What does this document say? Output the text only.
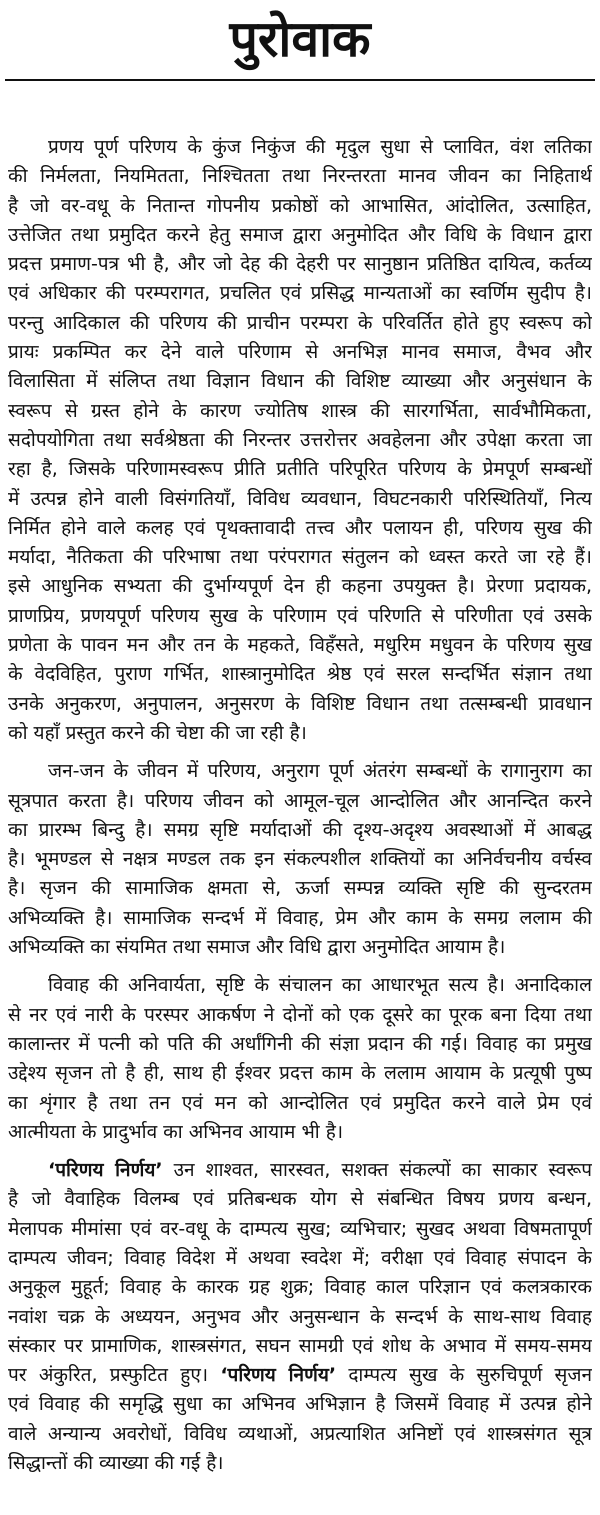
पुरोवाक
प्रणय पूर्ण परिणय के कुंज निकुंज की मृदुल सुधा से प्लावित, वंश लतिका
की निर्मलता, नियमितता, निश्चितता तथा निरन्तरता मानव जीवन का निहितार्थ
है जो वर-वधू के नितान्त गोपनीय प्रकोष्ठों को आभासित, आंदोलित, उत्साहित,
उत्तेजित तथा प्रमुदित करने हेतु समाज द्वारा अनुमोदित और विधि के विधान द्वारा
प्रदत्त प्रमाण-पत्र भी है, और जो देह की देहरी पर सानुष्ठान प्रतिष्ठित दायित्व, कर्तव्य
एवं अधिकार की परम्परागत, प्रचलित एवं प्रसिद्ध मान्यताओं का स्वर्णिम सुदीप है।
परन्तु आदिकाल की परिणय की प्राचीन परम्परा के परिवर्तित होते हुए स्वरूप को
प्रायः प्रकम्पित कर देने वाले परिणाम से अनभिज्ञ मानव समाज, वैभव और
विलासिता में संलिप्त तथा विज्ञान विधान की विशिष्ट व्याख्या और अनुसंधान के
स्वरूप से ग्रस्त होने के कारण ज्योतिष शास्त्र की सारगर्भिता, सार्वभौमिकता,
सदोपयोगिता तथा सर्वश्रेष्ठता की निरन्तर उत्तरोत्तर अवहेलना और उपेक्षा करता जा
रहा है, जिसके परिणामस्वरूप प्रीति प्रतीति परिपूरित परिणय के प्रेमपूर्ण सम्बन्धों
में उत्पन्न होने वाली विसंगतियाँ, विविध व्यवधान, विघटनकारी परिस्थितियाँ, नित्य
निर्मित होने वाले कलह एवं पृथक्तावादी तत्त्व और पलायन ही, परिणय सुख की
मर्यादा, नैतिकता की परिभाषा तथा परंपरागत संतुलन को ध्वस्त करते जा रहे हैं।
इसे आधुनिक सभ्यता की दुर्भाग्यपूर्ण देन ही कहना उपयुक्त है। प्रेरणा प्रदायक,
प्राणप्रिय, प्रणयपूर्ण परिणय सुख के परिणाम एवं परिणति से परिणीता एवं उसके
प्रणेता के पावन मन और तन के महकते, विहँसते, मधुरिम मधुवन के परिणय सुख
के वेदविहित, पुराण गर्भित, शास्त्रानुमोदित श्रेष्ठ एवं सरल सन्दर्भित संज्ञान तथा
उनके अनुकरण, अनुपालन, अनुसरण के विशिष्ट विधान तथा तत्सम्बन्धी प्रावधान
को यहाँ प्रस्तुत करने की चेष्टा की जा रही है।
जन-जन के जीवन में परिणय, अनुराग पूर्ण अंतरंग सम्बन्धों के रागानुराग का
सूत्रपात करता है। परिणय जीवन को आमूल-चूल आन्दोलित और आनन्दित करने
का प्रारम्भ बिन्दु है। समग्र सृष्टि मर्यादाओं की दृश्य-अदृश्य अवस्थाओं में आबद्ध
है। भूमण्डल से नक्षत्र मण्डल तक इन संकल्पशील शक्तियों का अनिर्वचनीय वर्चस्व
है। सृजन की सामाजिक क्षमता से, ऊर्जा सम्पन्न व्यक्ति सृष्टि की सुन्दरतम
अभिव्यक्ति है। सामाजिक सन्दर्भ में विवाह, प्रेम और काम के समग्र ललाम की
अभिव्यक्ति का संयमित तथा समाज और विधि द्वारा अनुमोदित आयाम है।
विवाह की अनिवार्यता, सृष्टि के संचालन का आधारभूत सत्य है। अनादिकाल
से नर एवं नारी के परस्पर आकर्षण ने दोनों को एक दूसरे का पूरक बना दिया तथा
कालान्तर में पत्नी को पति की अर्धांगिनी की संज्ञा प्रदान की गई। विवाह का प्रमुख
उद्देश्य सृजन तो है ही, साथ ही ईश्वर प्रदत्त काम के ललाम आयाम के प्रत्यूषी पुष्प
का शृंगार है तथा तन एवं मन को आन्दोलित एवं प्रमुदित करने वाले प्रेम एवं
आत्मीयता के प्रादुर्भाव का अभिनव आयाम भी है।
‘परिणय निर्णय’ उन शाश्वत, सारस्वत, सशक्त संकल्पों का साकार स्वरूप
है जो वैवाहिक विलम्ब एवं प्रतिबन्धक योग से संबन्धित विषय प्रणय बन्धन,
मेलापक मीमांसा एवं वर-वधू के दाम्पत्य सुख; व्यभिचार; सुखद अथवा विषमतापूर्ण
दाम्पत्य जीवन; विवाह विदेश में अथवा स्वदेश में; वरीक्षा एवं विवाह संपादन के
अनुकूल मुहूर्त; विवाह के कारक ग्रह शुक्र; विवाह काल परिज्ञान एवं कलत्रकारक
नवांश चक्र के अध्ययन, अनुभव और अनुसन्धान के सन्दर्भ के साथ-साथ विवाह
संस्कार पर प्रामाणिक, शास्त्रसंगत, सघन सामग्री एवं शोध के अभाव में समय-समय
पर अंकुरित, प्रस्फुटित हुए। ‘परिणय निर्णय’ दाम्पत्य सुख के सुरुचिपूर्ण सृजन
एवं विवाह की समृद्धि सुधा का अभिनव अभिज्ञान है जिसमें विवाह में उत्पन्न होने
वाले अन्यान्य अवरोधों, विविध व्यथाओं, अप्रत्याशित अनिष्टों एवं शास्त्रसंगत सूत्र
सिद्धान्तों की व्याख्या की गई है।
